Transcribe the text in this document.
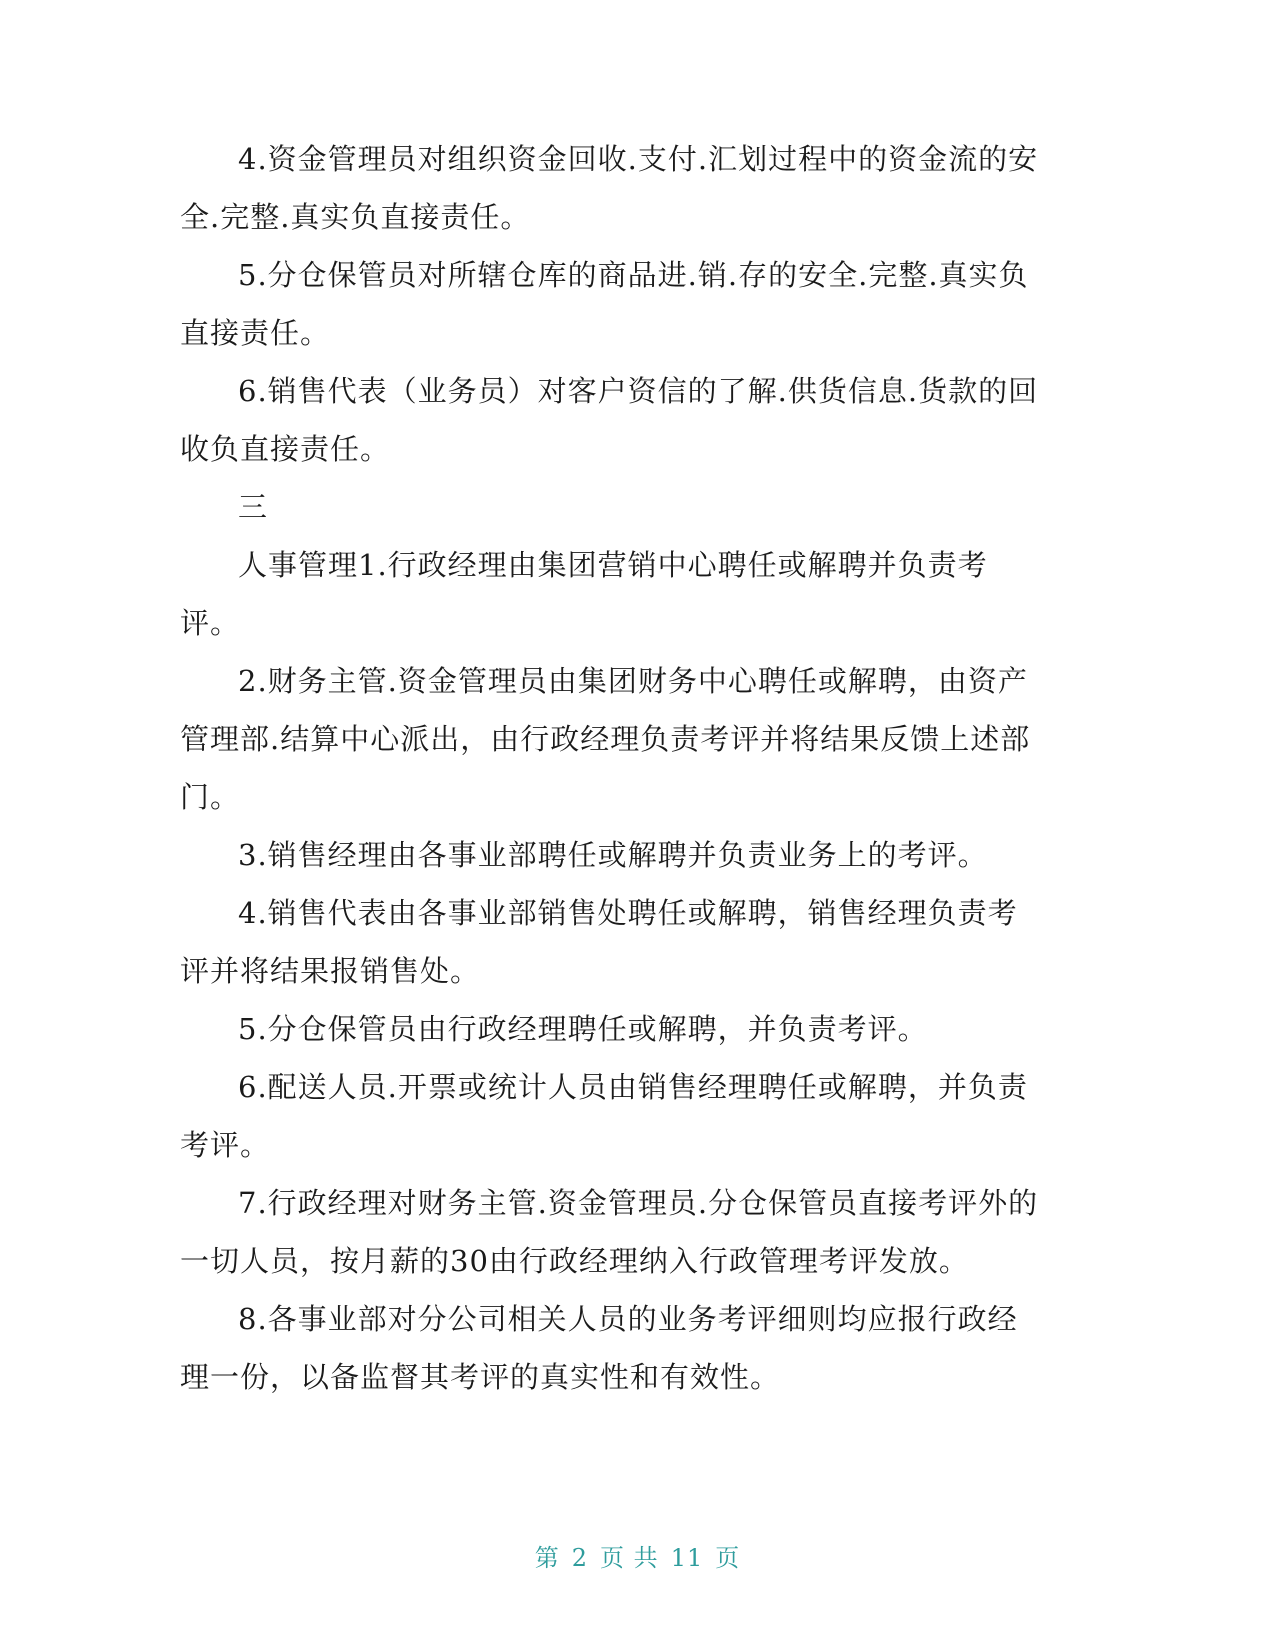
4.资金管理员对组织资金回收.支付.汇划过程中的资金流的安全.完整.真实负直接责任。

5.分仓保管员对所辖仓库的商品进.销.存的安全.完整.真实负直接责任。

6.销售代表（业务员）对客户资信的了解.供货信息.货款的回收负直接责任。

三

人事管理1.行政经理由集团营销中心聘任或解聘并负责考评。

2.财务主管.资金管理员由集团财务中心聘任或解聘，由资产管理部.结算中心派出，由行政经理负责考评并将结果反馈上述部门。

3.销售经理由各事业部聘任或解聘并负责业务上的考评。

4.销售代表由各事业部销售处聘任或解聘，销售经理负责考评并将结果报销售处。

5.分仓保管员由行政经理聘任或解聘，并负责考评。

6.配送人员.开票或统计人员由销售经理聘任或解聘，并负责考评。

7.行政经理对财务主管.资金管理员.分仓保管员直接考评外的一切人员，按月薪的30由行政经理纳入行政管理考评发放。

8.各事业部对分公司相关人员的业务考评细则均应报行政经理一份，以备监督其考评的真实性和有效性。

第 2 页 共 11 页
